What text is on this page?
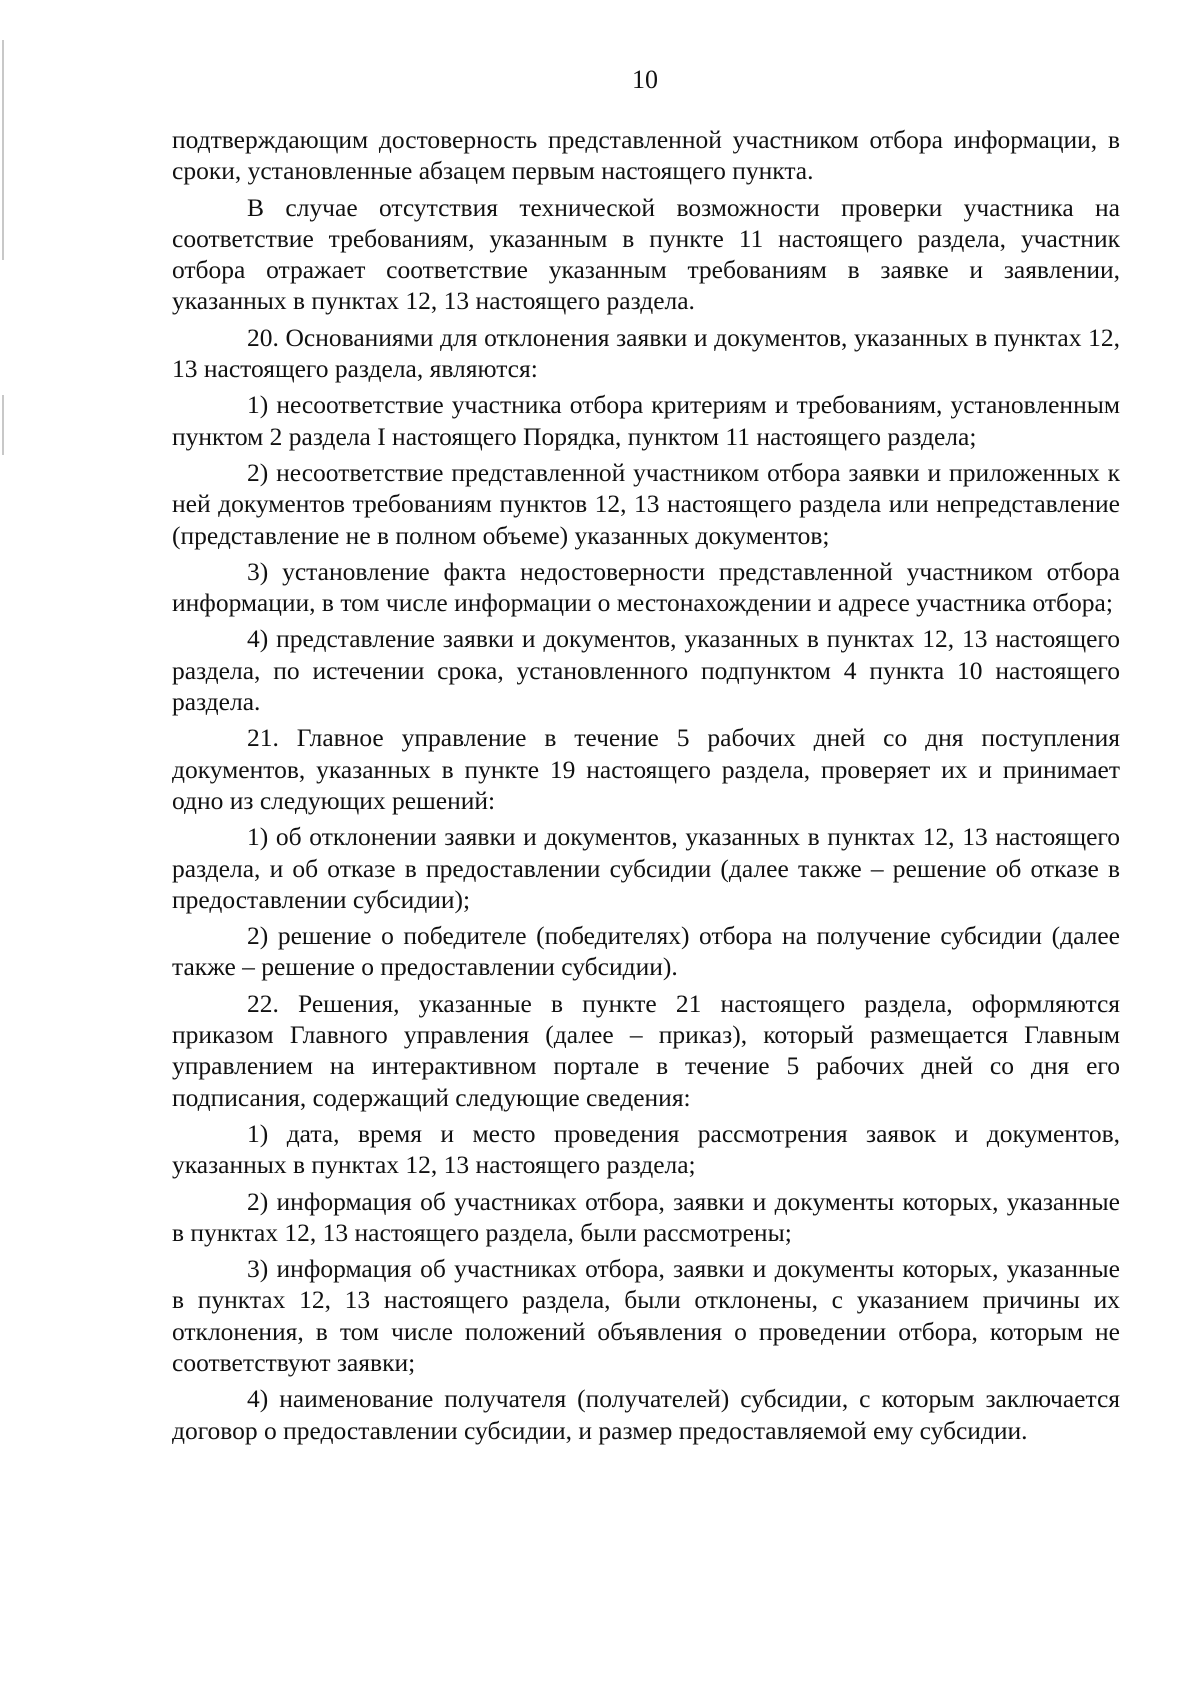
10

подтверждающим достоверность представленной участником отбора информации, в сроки, установленные абзацем первым настоящего пункта.

В случае отсутствия технической возможности проверки участника на соответствие требованиям, указанным в пункте 11 настоящего раздела, участник отбора отражает соответствие указанным требованиям в заявке и заявлении, указанных в пунктах 12, 13 настоящего раздела.

20. Основаниями для отклонения заявки и документов, указанных в пунктах 12, 13 настоящего раздела, являются:

1) несоответствие участника отбора критериям и требованиям, установленным пунктом 2 раздела I настоящего Порядка, пунктом 11 настоящего раздела;

2) несоответствие представленной участником отбора заявки и приложенных к ней документов требованиям пунктов 12, 13 настоящего раздела или непредставление (представление не в полном объеме) указанных документов;

3) установление факта недостоверности представленной участником отбора информации, в том числе информации о местонахождении и адресе участника отбора;

4) представление заявки и документов, указанных в пунктах 12, 13 настоящего раздела, по истечении срока, установленного подпунктом 4 пункта 10 настоящего раздела.

21. Главное управление в течение 5 рабочих дней со дня поступления документов, указанных в пункте 19 настоящего раздела, проверяет их и принимает одно из следующих решений:

1) об отклонении заявки и документов, указанных в пунктах 12, 13 настоящего раздела, и об отказе в предоставлении субсидии (далее также – решение об отказе в предоставлении субсидии);

2) решение о победителе (победителях) отбора на получение субсидии (далее также – решение о предоставлении субсидии).

22. Решения, указанные в пункте 21 настоящего раздела, оформляются приказом Главного управления (далее – приказ), который размещается Главным управлением на интерактивном портале в течение 5 рабочих дней со дня его подписания, содержащий следующие сведения:

1) дата, время и место проведения рассмотрения заявок и документов, указанных в пунктах 12, 13 настоящего раздела;

2) информация об участниках отбора, заявки и документы которых, указанные в пунктах 12, 13 настоящего раздела, были рассмотрены;

3) информация об участниках отбора, заявки и документы которых, указанные в пунктах 12, 13 настоящего раздела, были отклонены, с указанием причины их отклонения, в том числе положений объявления о проведении отбора, которым не соответствуют заявки;

4) наименование получателя (получателей) субсидии, с которым заключается договор о предоставлении субсидии, и размер предоставляемой ему субсидии.
